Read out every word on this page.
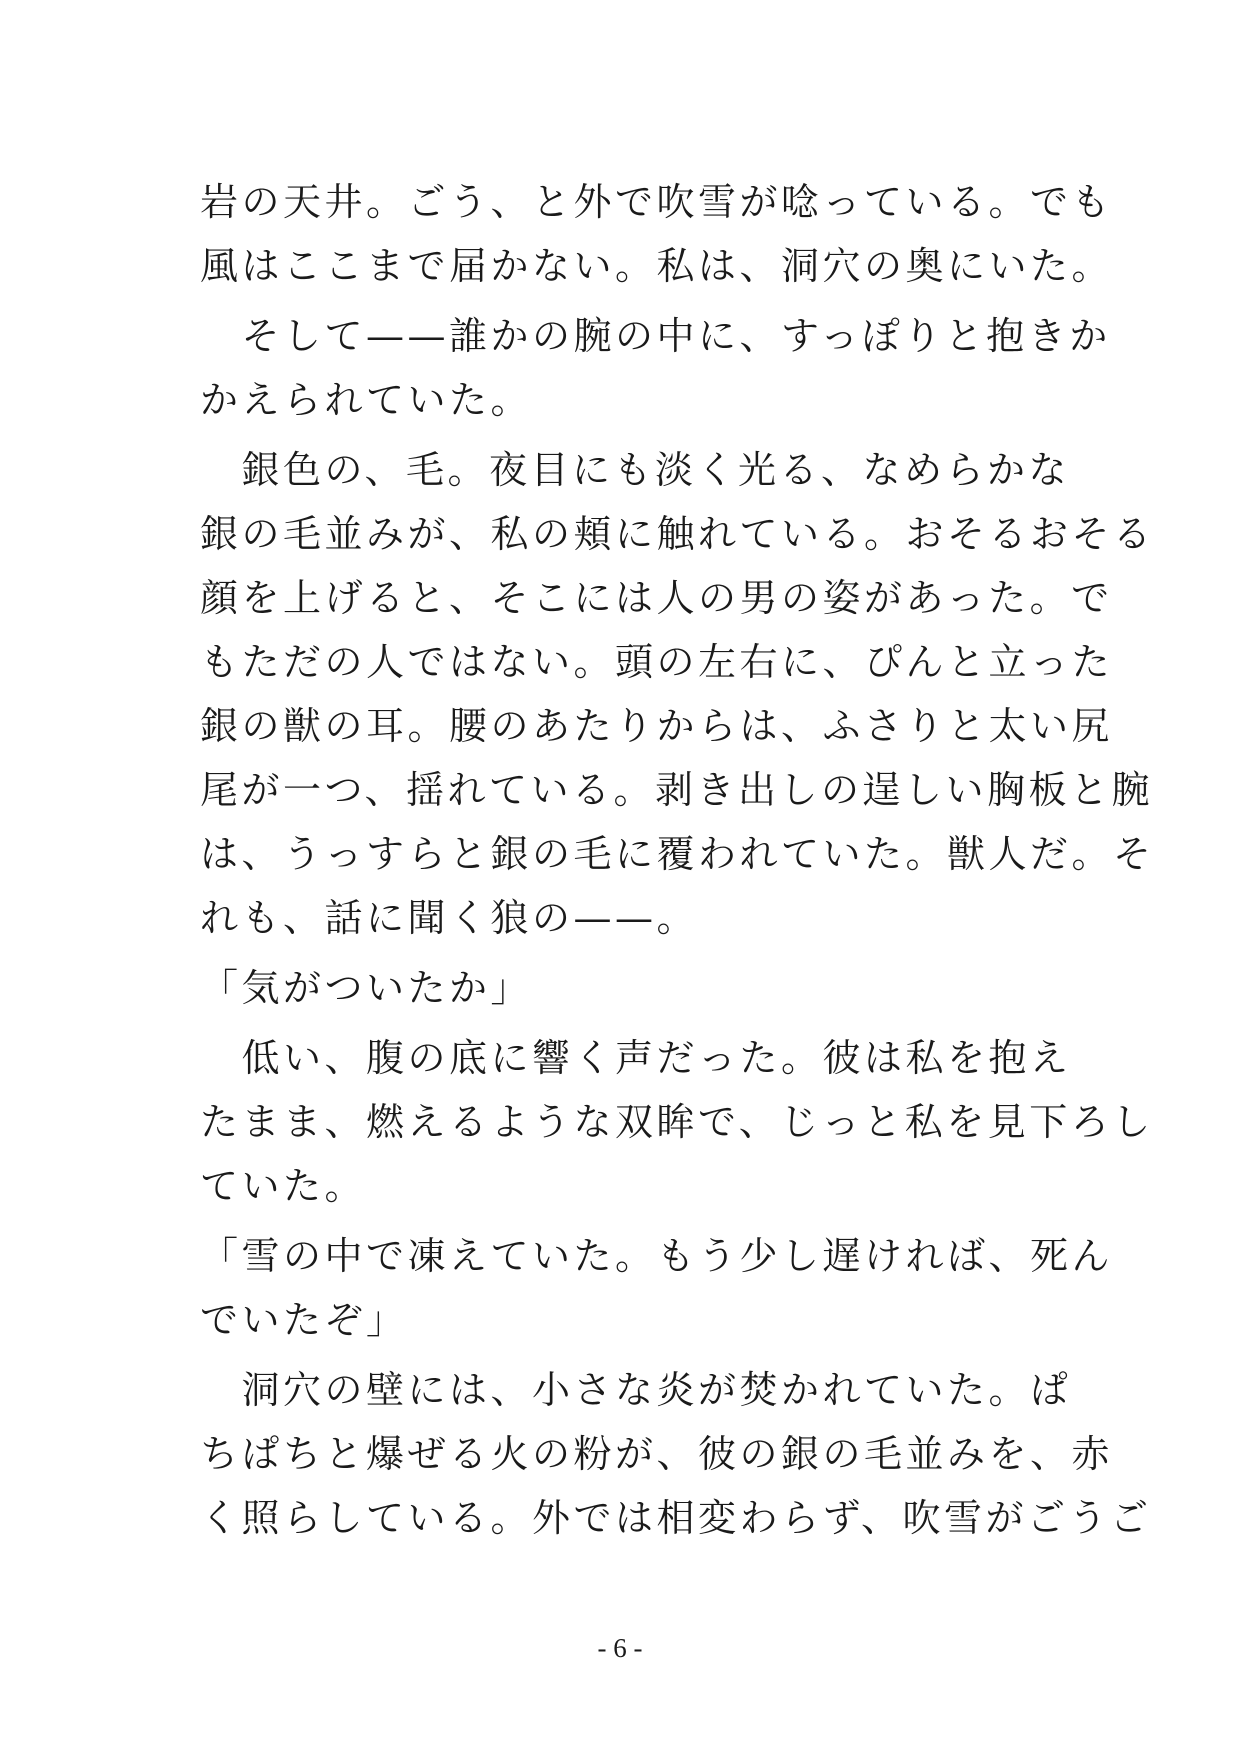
岩の天井。ごう、と外で吹雪が唸っている。でも
風はここまで届かない。私は、洞穴の奥にいた。
　そして——誰かの腕の中に、すっぽりと抱きか
かえられていた。
　銀色の、毛。夜目にも淡く光る、なめらかな
銀の毛並みが、私の頬に触れている。おそるおそる
顔を上げると、そこには人の男の姿があった。で
もただの人ではない。頭の左右に、ぴんと立った
銀の獣の耳。腰のあたりからは、ふさりと太い尻
尾が一つ、揺れている。剥き出しの逞しい胸板と腕
は、うっすらと銀の毛に覆われていた。獣人だ。そ
れも、話に聞く狼の——。
「気がついたか」
　低い、腹の底に響く声だった。彼は私を抱え
たまま、燃えるような双眸で、じっと私を見下ろし
ていた。
「雪の中で凍えていた。もう少し遅ければ、死ん
でいたぞ」
　洞穴の壁には、小さな炎が焚かれていた。ぱ
ちぱちと爆ぜる火の粉が、彼の銀の毛並みを、赤
く照らしている。外では相変わらず、吹雪がごうご
- 6 -
